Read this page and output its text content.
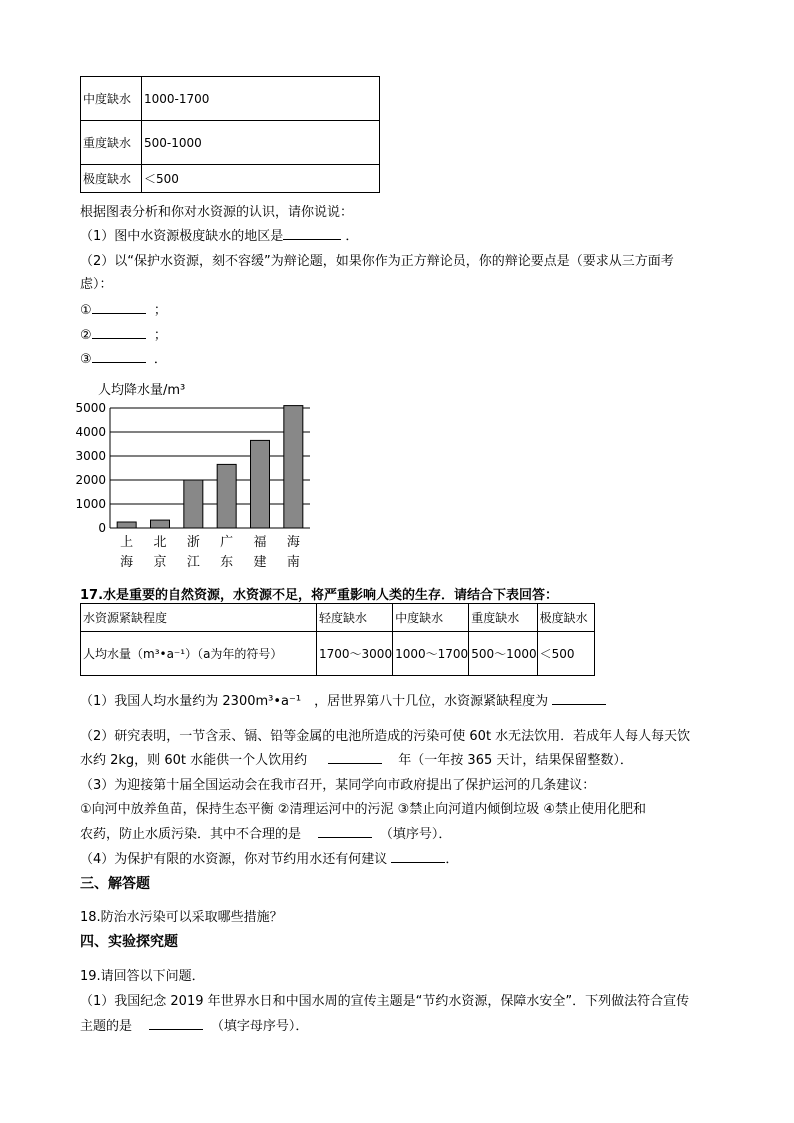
中度缺水	1000-1700
重度缺水	500-1000
极度缺水	＜500
根据图表分析和你对水资源的认识，请你说说：
（1）图中水资源极度缺水的地区是	．
（2）以“保护水资源，刻不容缓”为辩论题，如果你作为正方辩论员，你的辩论要点是（要求从三方面考
虑）：
①	；
②	；
③	．
人均降水量/m³
0
1000
2000
3000
4000
5000
上海
北京
浙江
广东
福建
海南
17.水是重要的自然资源，水资源不足，将严重影响人类的生存．请结合下表回答：
水资源紧缺程度	轻度缺水	中度缺水	重度缺水	极度缺水
人均水量（m³•a⁻¹）（a为年的符号）	1700～3000	1000～1700	500～1000	＜500
（1）我国人均水量约为 2300m³•a⁻¹　，居世界第八十几位，水资源紧缺程度为
（2）研究表明，一节含汞、镉、铅等金属的电池所造成的污染可使 60t 水无法饮用．若成年人每人每天饮
水约 2kg，则 60t 水能供一个人饮用约	年（一年按 365 天计，结果保留整数）．
（3）为迎接第十届全国运动会在我市召开，某同学向市政府提出了保护运河的几条建议：
①向河中放养鱼苗，保持生态平衡 ②清理运河中的污泥 ③禁止向河道内倾倒垃圾 ④禁止使用化肥和
农药，防止水质污染．其中不合理的是	（填序号）．
（4）为保护有限的水资源，你对节约用水还有何建议	．
三、解答题
18.防治水污染可以采取哪些措施？
四、实验探究题
19.请回答以下问题．
（1）我国纪念 2019 年世界水日和中国水周的宣传主题是“节约水资源，保障水安全”．下列做法符合宣传
主题的是	（填字母序号）．
